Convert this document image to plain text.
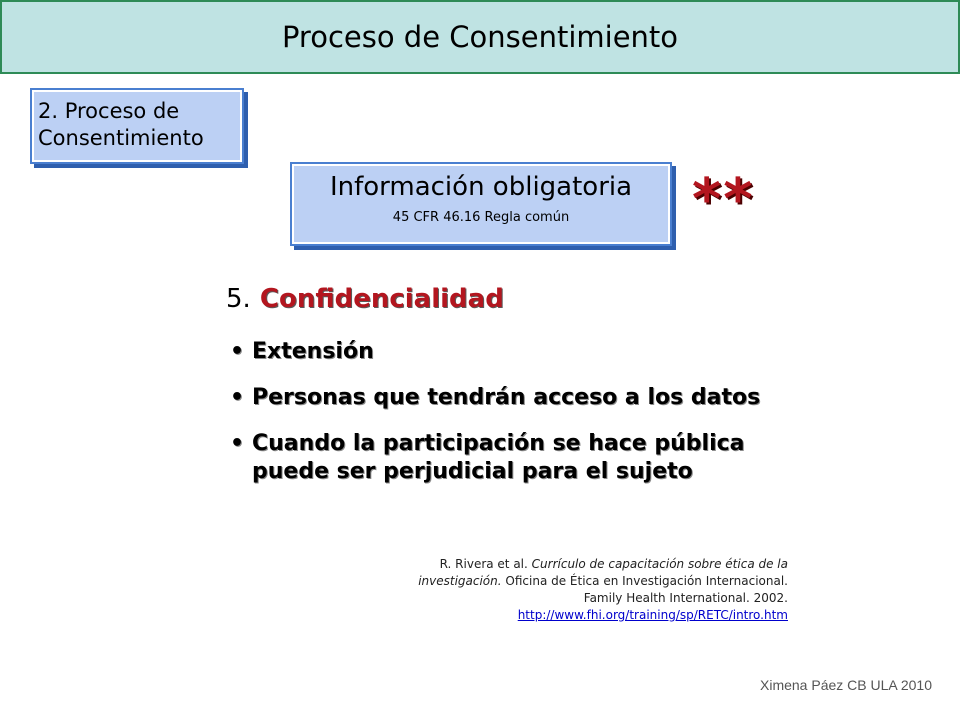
Proceso de Consentimiento
2. Proceso de
Consentimiento
Información obligatoria
45 CFR 46.16 Regla común	**
5. Confidencialidad
• Extensión
• Personas que tendrán acceso a los datos
• Cuando la participación se hace pública puede ser perjudicial para el sujeto
R. Rivera et al. Currículo de capacitación sobre ética de la investigación. Oficina de Ética en Investigación Internacional. Family Health International. 2002.
http://www.fhi.org/training/sp/RETC/intro.htm
Ximena Páez CB ULA 2010
